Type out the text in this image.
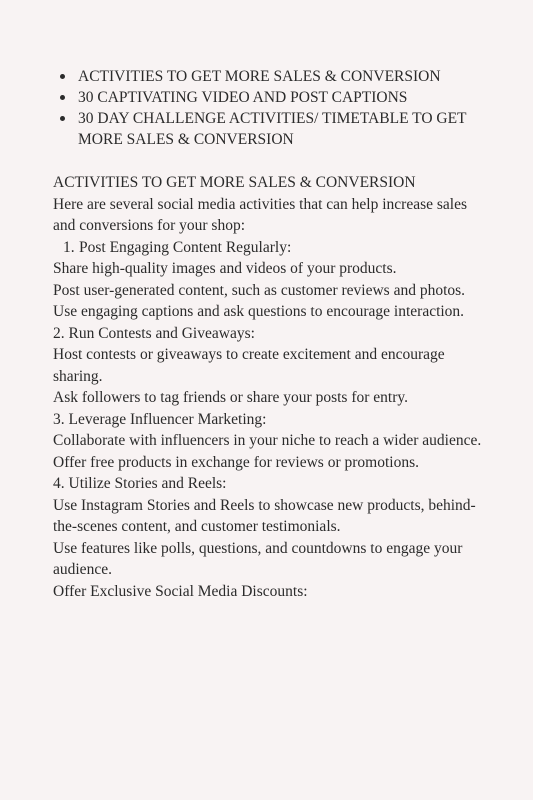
ACTIVITIES TO GET MORE SALES & CONVERSION
30 CAPTIVATING VIDEO AND POST CAPTIONS
30 DAY CHALLENGE ACTIVITIES/ TIMETABLE TO GET MORE SALES & CONVERSION

ACTIVITIES TO GET MORE SALES & CONVERSION

Here are several social media activities that can help increase sales and conversions for your shop:

1. Post Engaging Content Regularly:

Share high-quality images and videos of your products.

Post user-generated content, such as customer reviews and photos.

Use engaging captions and ask questions to encourage interaction.

2. Run Contests and Giveaways:

Host contests or giveaways to create excitement and encourage sharing.

Ask followers to tag friends or share your posts for entry.

3. Leverage Influencer Marketing:

Collaborate with influencers in your niche to reach a wider audience.

Offer free products in exchange for reviews or promotions.

4. Utilize Stories and Reels:

Use Instagram Stories and Reels to showcase new products, behind-the-scenes content, and customer testimonials.

Use features like polls, questions, and countdowns to engage your audience.

Offer Exclusive Social Media Discounts:
